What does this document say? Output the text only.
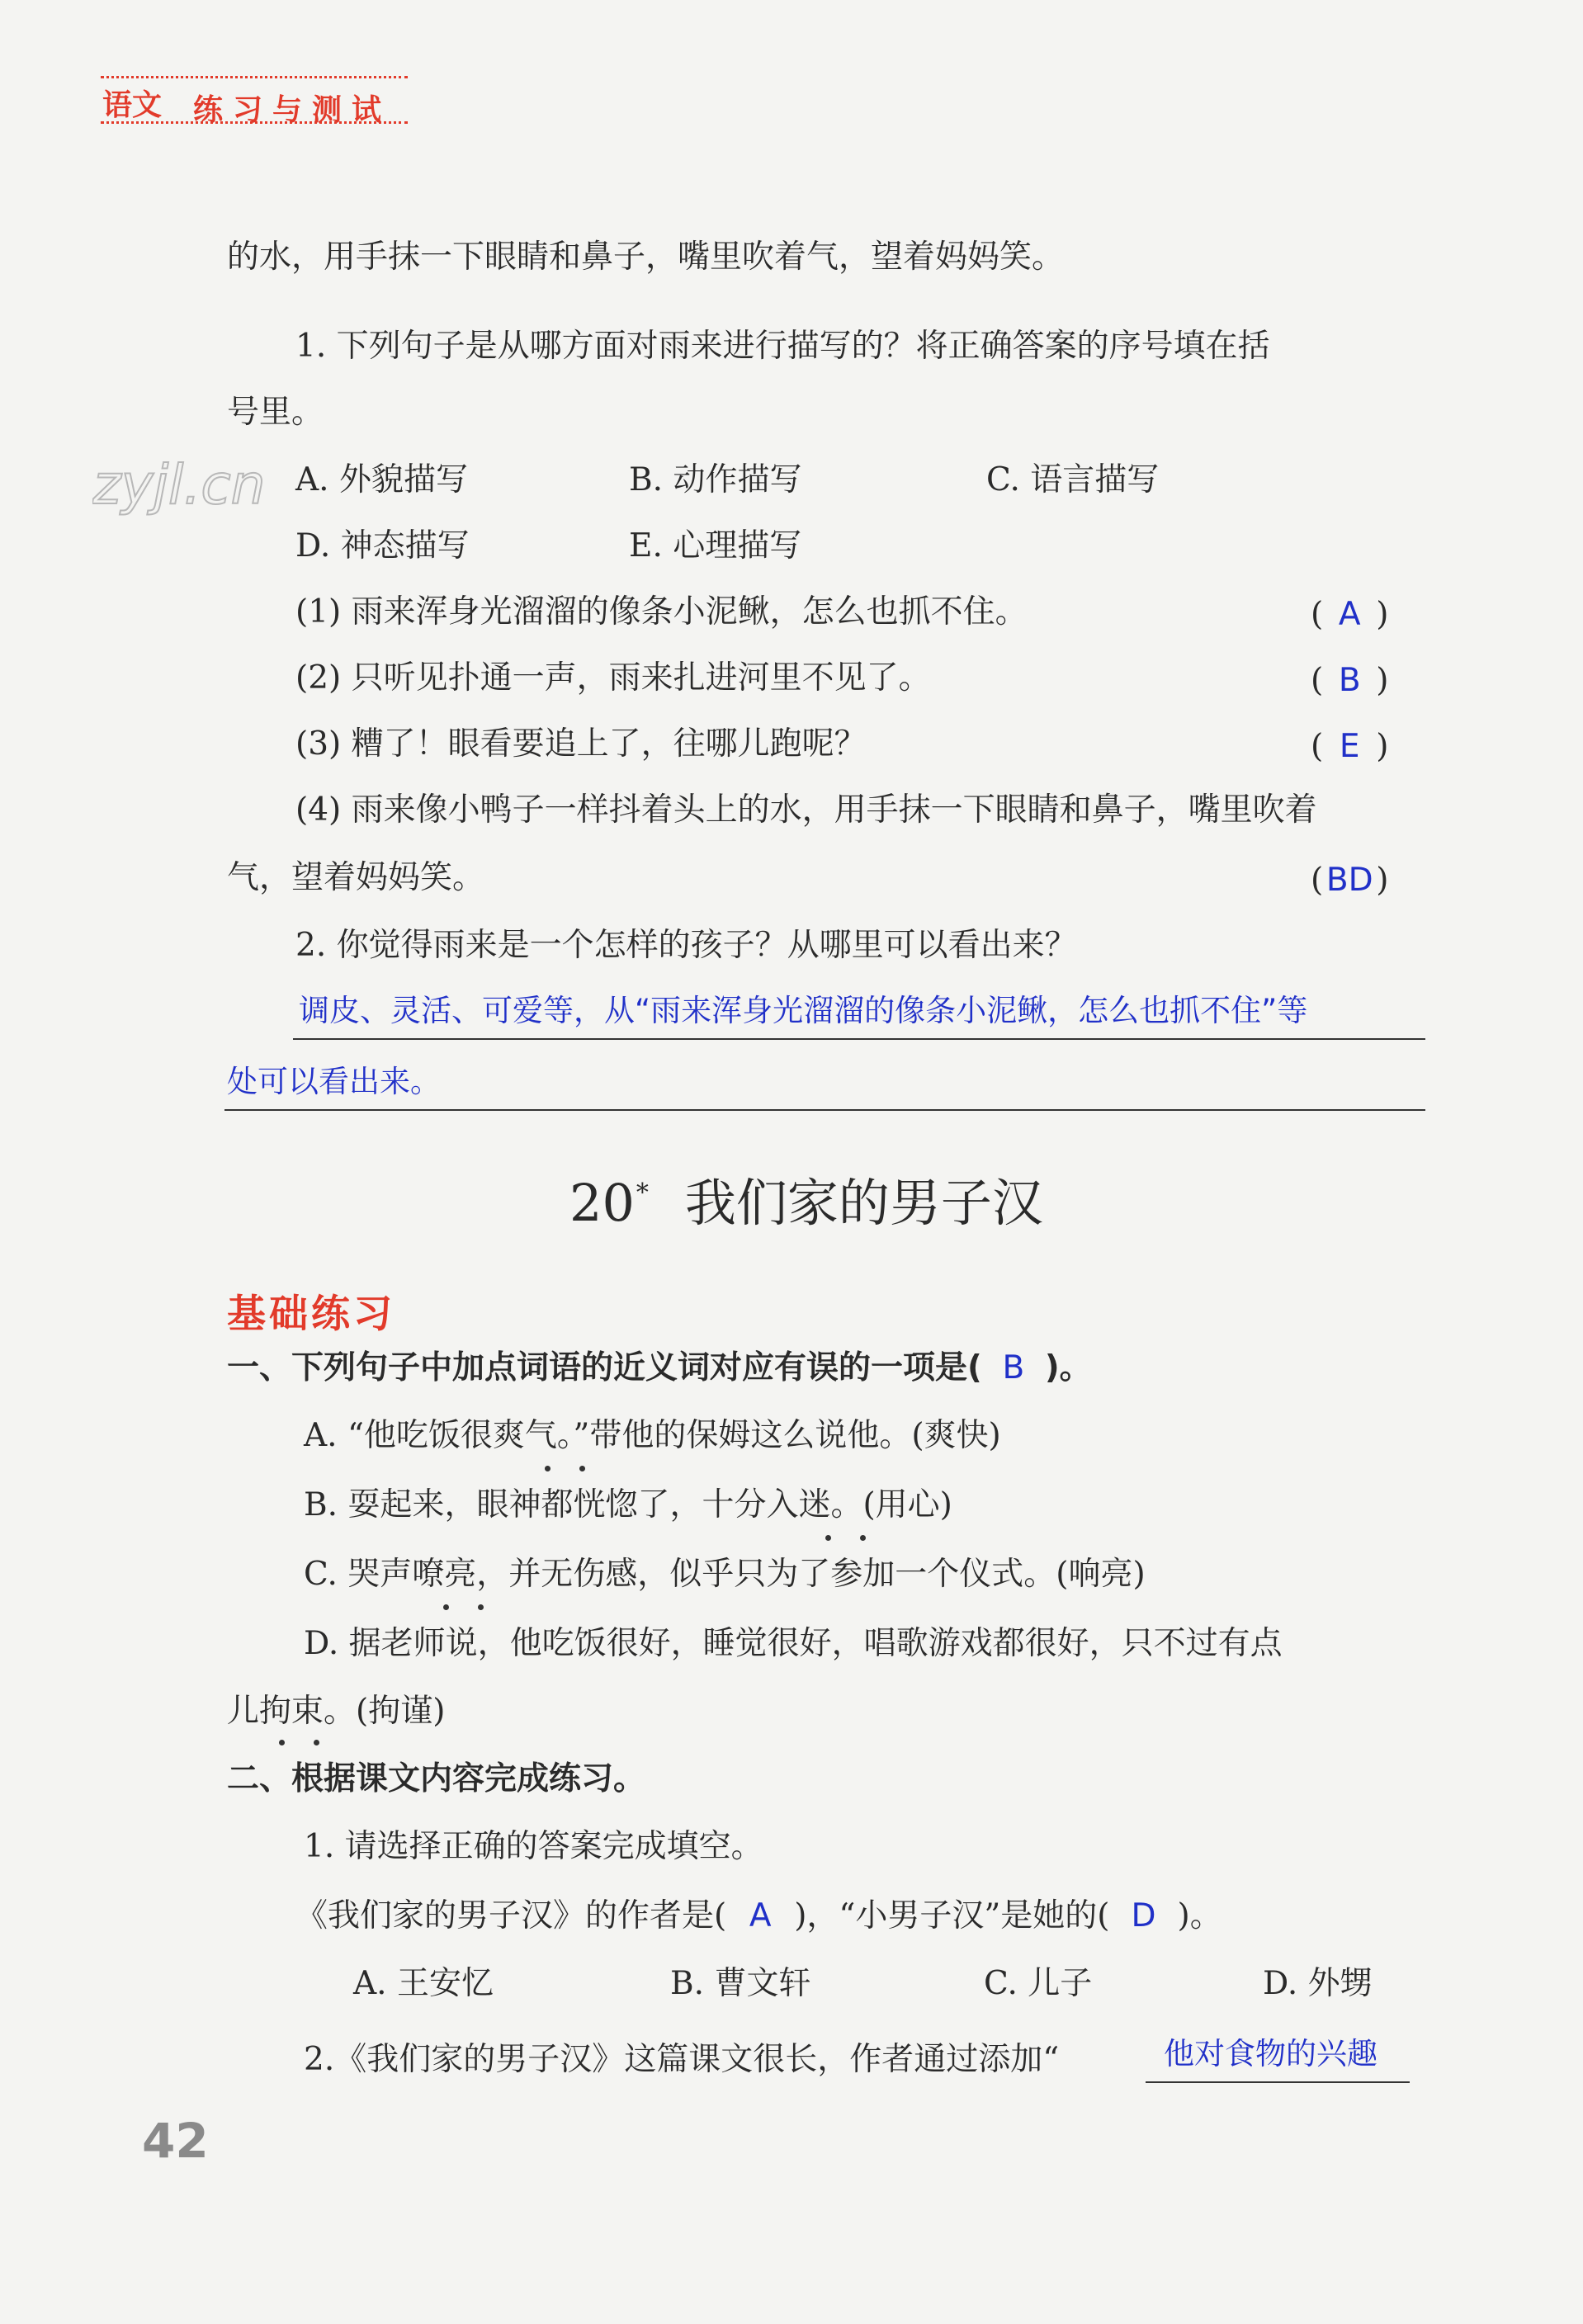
语文 练习与测试
zyjl.cn
的水，用手抹一下眼睛和鼻子，嘴里吹着气，望着妈妈笑。
1. 下列句子是从哪方面对雨来进行描写的？将正确答案的序号填在括
号里。
A. 外貌描写	B. 动作描写	C. 语言描写
D. 神态描写	E. 心理描写
(1) 雨来浑身光溜溜的像条小泥鳅，怎么也抓不住。	( A )
(2) 只听见扑通一声，雨来扎进河里不见了。	( B )
(3) 糟了！眼看要追上了，往哪儿跑呢？	( E )
(4) 雨来像小鸭子一样抖着头上的水，用手抹一下眼睛和鼻子，嘴里吹着
气，望着妈妈笑。	(BD)
2. 你觉得雨来是一个怎样的孩子？从哪里可以看出来？
调皮、灵活、可爱等，从“雨来浑身光溜溜的像条小泥鳅，怎么也抓不住”等
处可以看出来。
20* 我们家的男子汉
基础练习
一、下列句子中加点词语的近义词对应有误的一项是( B )。
A. “他吃饭很爽气。”带他的保姆这么说他。(爽快)
B. 耍起来，眼神都恍惚了，十分入迷。(用心)
C. 哭声嘹亮，并无伤感，似乎只为了参加一个仪式。(响亮)
D. 据老师说，他吃饭很好，睡觉很好，唱歌游戏都很好，只不过有点
儿拘束。(拘谨)
二、根据课文内容完成练习。
1. 请选择正确的答案完成填空。
《我们家的男子汉》的作者是( A )，“小男子汉”是她的( D )。
A. 王安忆	B. 曹文轩	C. 儿子	D. 外甥
2.《我们家的男子汉》这篇课文很长，作者通过添加“	他对食物的兴趣
42
